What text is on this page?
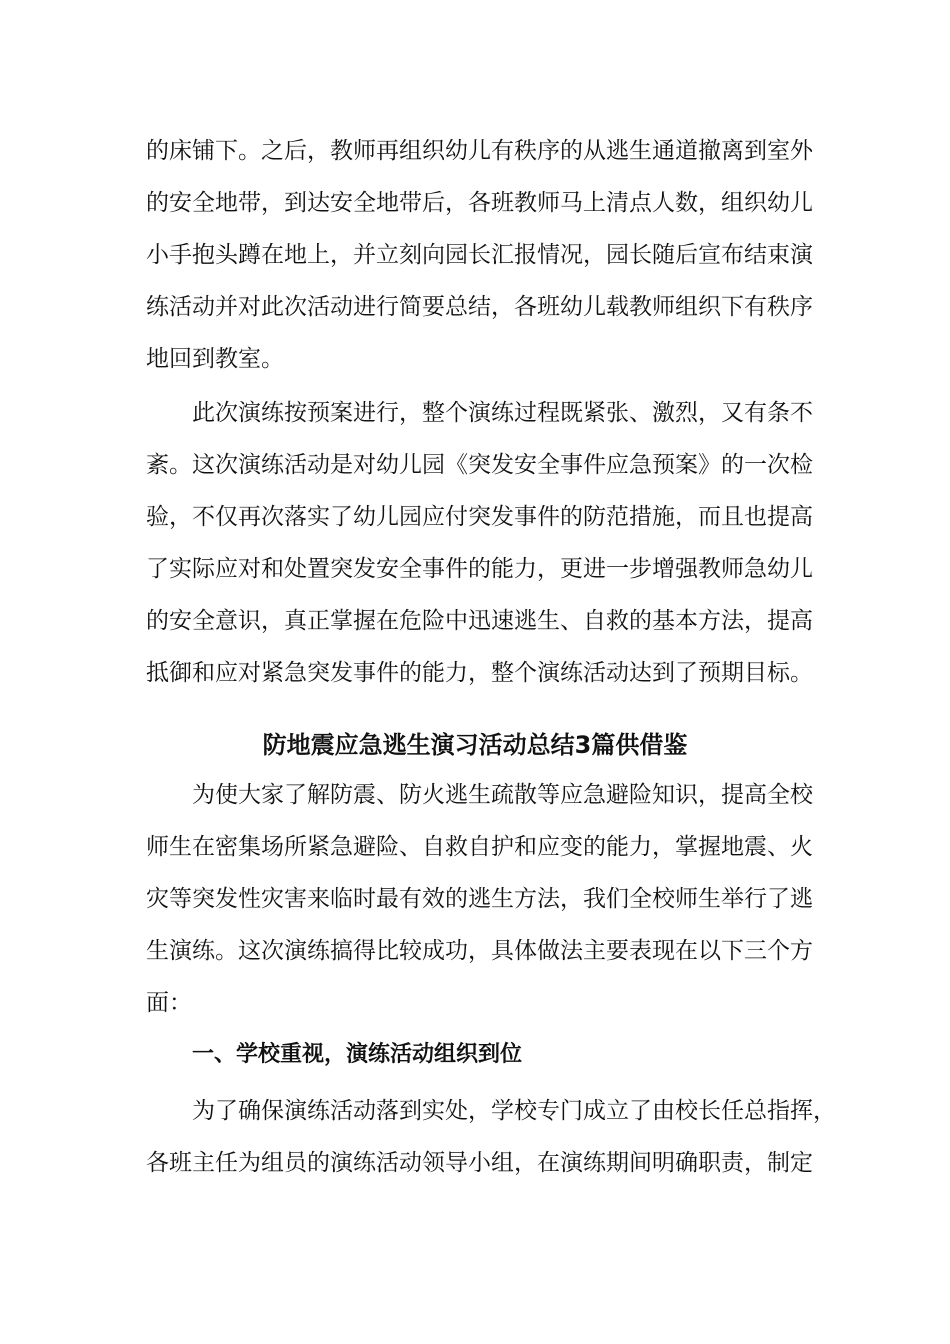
的床铺下。之后，教师再组织幼儿有秩序的从逃生通道撤离到室外
的安全地带，到达安全地带后，各班教师马上清点人数，组织幼儿
小手抱头蹲在地上，并立刻向园长汇报情况，园长随后宣布结束演
练活动并对此次活动进行简要总结，各班幼儿载教师组织下有秩序
地回到教室。
此次演练按预案进行，整个演练过程既紧张、激烈，又有条不
紊。这次演练活动是对幼儿园《突发安全事件应急预案》的一次检
验，不仅再次落实了幼儿园应付突发事件的防范措施，而且也提高
了实际应对和处置突发安全事件的能力，更进一步增强教师急幼儿
的安全意识，真正掌握在危险中迅速逃生、自救的基本方法，提高
抵御和应对紧急突发事件的能力，整个演练活动达到了预期目标。
防地震应急逃生演习活动总结3篇供借鉴
为使大家了解防震、防火逃生疏散等应急避险知识，提高全校
师生在密集场所紧急避险、自救自护和应变的能力，掌握地震、火
灾等突发性灾害来临时最有效的逃生方法，我们全校师生举行了逃
生演练。这次演练搞得比较成功，具体做法主要表现在以下三个方
面：
一、学校重视，演练活动组织到位
为了确保演练活动落到实处，学校专门成立了由校长任总指挥，
各班主任为组员的演练活动领导小组，在演练期间明确职责，制定
